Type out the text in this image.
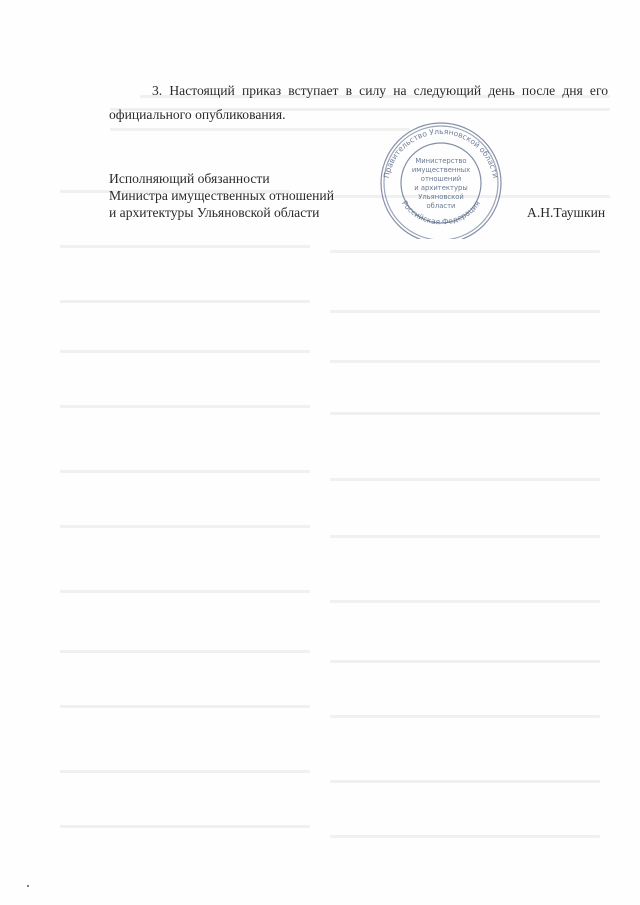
3. Настоящий приказ вступает в силу на следующий день после дня его официального опубликования.

Исполняющий обязанности
Министра имущественных отношений
и архитектуры Ульяновской области
Правительство Ульяновской области
Российская Федерация
Министерство
имущественных
отношений
и архитектуры
Ульяновской
области	А.Н.Таушкин
